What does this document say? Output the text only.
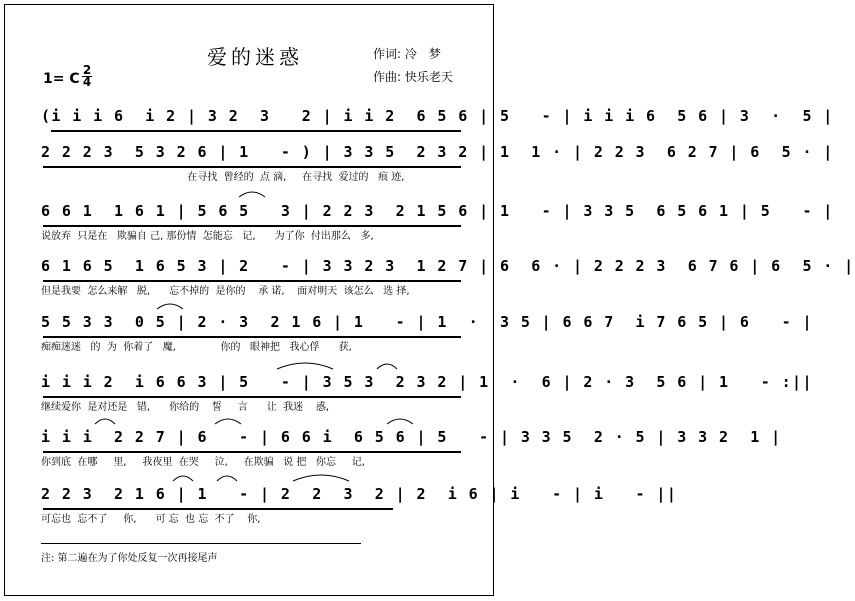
爱的迷惑	作词: 冷　梦
作曲: 快乐老天
1= C
2
4
(i i i 6  i 2 | 3 2  3   2 | i i 2  6 5 6 | 5   - | i i i 6  5 6 | 3  ·  5 |
2 2 2 3  5 3 2 6 | 1   - ) | 3 3 5  2 3 2 | 1  1 · | 2 2 3  6 2 7 | 6  5 · |
在寻找  曾经的  点 滴,     在寻找  爱过的   痕 迹,
6 6 1  1 6 1 | 5 6 5   3 | 2 2 3  2 1 5 6 | 1   - | 3 3 5  6 5 6 1 | 5   - |
说放弃  只是在   欺骗自 己, 那份情  怎能忘   记,      为了你  付出那么   多,
6 1 6 5  1 6 5 3 | 2   - | 3 3 2 3  1 2 7 | 6  6 · | 2 2 2 3  6 7 6 | 6  5 · |
但是我要  怎么来解   脱,      忘不掉的  是你的    承 诺,    面对明天  该怎么   选 择,
5 5 3 3  0 5 | 2 · 3  2 1 6 | 1   - | 1  ·  3 5 | 6 6 7  i 7 6 5 | 6   - |
痴痴迷迷   的  为  你着了   魔,              你的   眼神把   我心俘      获,
i i i 2  i 6 6 3 | 5   - | 3 5 3  2 3 2 | 1  ·  6 | 2 · 3  5 6 | 1   - :||
继续爱你  是对还是   错,      你给的    誓     言      让  我迷    惑,
i i i  2 2 7 | 6   - | 6 6 i  6 5 6 | 5   - | 3 3 5  2 · 5 | 3 3 2  1 |
你到底  在哪     里,     我夜里  在哭     泣,     在欺骗   说 把   你忘     记,
2 2 3  2 1 6 | 1   - | 2  2  3  2 | 2  i 6 | i   - | i   - ||
可忘也  忘不了     你,      可 忘  也 忘  不了    你,
注: 第二遍在为了你处反复一次再接尾声
